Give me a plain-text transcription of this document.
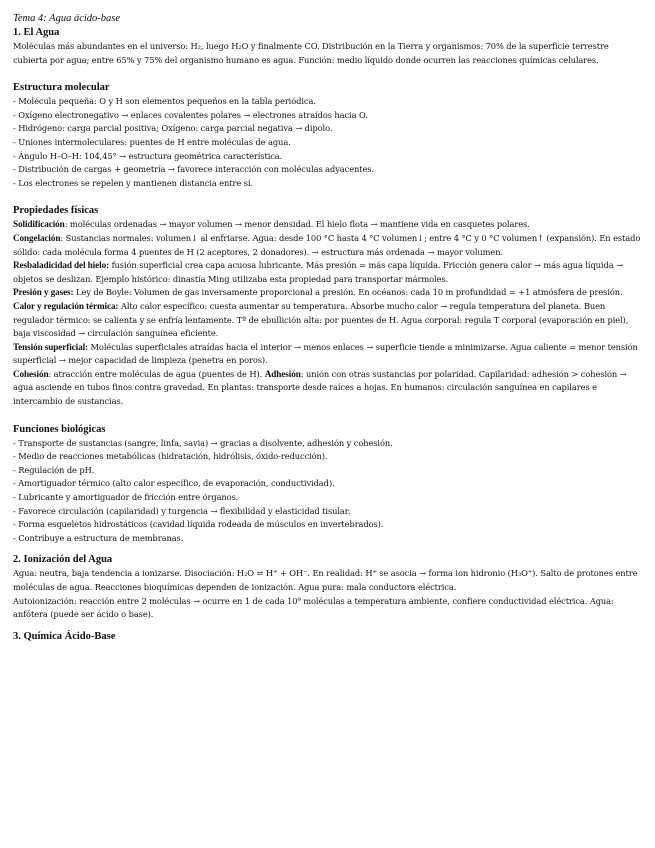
Tema 4: Agua ácido-base
1. El Agua

Moléculas más abundantes en el universo: H₂, luego H₂O y finalmente CO. Distribución en la Tierra y organismos: 70% de la superficie terrestre cubierta por agua; entre 65% y 75% del organismo humano es agua. Función: medio líquido donde ocurren las reacciones químicas celulares.

Estructura molecular
- Molécula pequeña: O y H son elementos pequeños en la tabla periódica.
- Oxígeno electronegativo → enlaces covalentes polares → electrones atraídos hacia O.
- Hidrógeno: carga parcial positiva; Oxígeno: carga parcial negativa → dipolo.
- Uniones intermoleculares: puentes de H entre moléculas de agua.
- Ángulo H–O–H: 104,45° → estructura geométrica característica.
- Distribución de cargas + geometría → favorece interacción con moléculas adyacentes.
- Los electrones se repelen y mantienen distancia entre sí.
Propiedades físicas

Solidificación: moléculas ordenadas → mayor volumen → menor densidad. El hielo flota → mantiene vida en casquetes polares.

Congelación: Sustancias normales: volumen↓ al enfriarse. Agua: desde 100 °C hasta 4 °C volumen↓; entre 4 °C y 0 °C volumen↑ (expansión). En estado sólido: cada molécula forma 4 puentes de H (2 aceptores, 2 donadores). → estructura más ordenada → mayor volumen.

Resbaladicidad del hielo: fusión superficial crea capa acuosa lubricante. Más presión = más capa líquida. Fricción genera calor → más agua líquida → objetos se deslizan. Ejemplo histórico: dinastía Ming utilizaba esta propiedad para transportar mármoles.

Presión y gases: Ley de Boyle: Volumen de gas inversamente proporcional a presión. En océanos: cada 10 m profundidad = +1 atmósfera de presión.

Calor y regulación térmica: Alto calor específico: cuesta aumentar su temperatura. Absorbe mucho calor → regula temperatura del planeta. Buen regulador térmico: se calienta y se enfría lentamente. Tª de ebullición alta: por puentes de H. Agua corporal: regula T corporal (evaporación en piel), baja viscosidad → circulación sanguínea eficiente.

Tensión superficial: Moléculas superficiales atraídas hacia el interior → menos enlaces → superficie tiende a minimizarse. Agua caliente = menor tensión superficial → mejor capacidad de limpieza (penetra en poros).

Cohesión: atracción entre moléculas de agua (puentes de H). Adhesión: unión con otras sustancias por polaridad. Capilaridad: adhesión > cohesión → agua asciende en tubos finos contra gravedad. En plantas: transporte desde raíces a hojas. En humanos: circulación sanguínea en capilares e intercambio de sustancias.

Funciones biológicas
- Transporte de sustancias (sangre, linfa, savia) → gracias a disolvente, adhesión y cohesión.
- Medio de reacciones metabólicas (hidratación, hidrólisis, óxido-reducción).
- Regulación de pH.
- Amortiguador térmico (alto calor específico, de evaporación, conductividad).
- Lubricante y amortiguador de fricción entre órganos.
- Favorece circulación (capilaridad) y turgencia → flexibilidad y elasticidad tisular.
- Forma esqueletos hidrostáticos (cavidad líquida rodeada de músculos en invertebrados).
- Contribuye a estructura de membranas.
2. Ionización del Agua

Agua: neutra, baja tendencia a ionizarse. Disociación: H₂O ⇌ H⁺ + OH⁻. En realidad: H⁺ se asocia → forma ion hidronio (H₃O⁺). Salto de protones entre moléculas de agua. Reacciones bioquímicas dependen de ionización. Agua pura: mala conductora eléctrica.

Autoionización: reacción entre 2 moléculas → ocurre en 1 de cada 10⁹ moléculas a temperatura ambiente, confiere conductividad eléctrica. Agua: anfótera (puede ser ácido o base).

3. Química Ácido-Base
